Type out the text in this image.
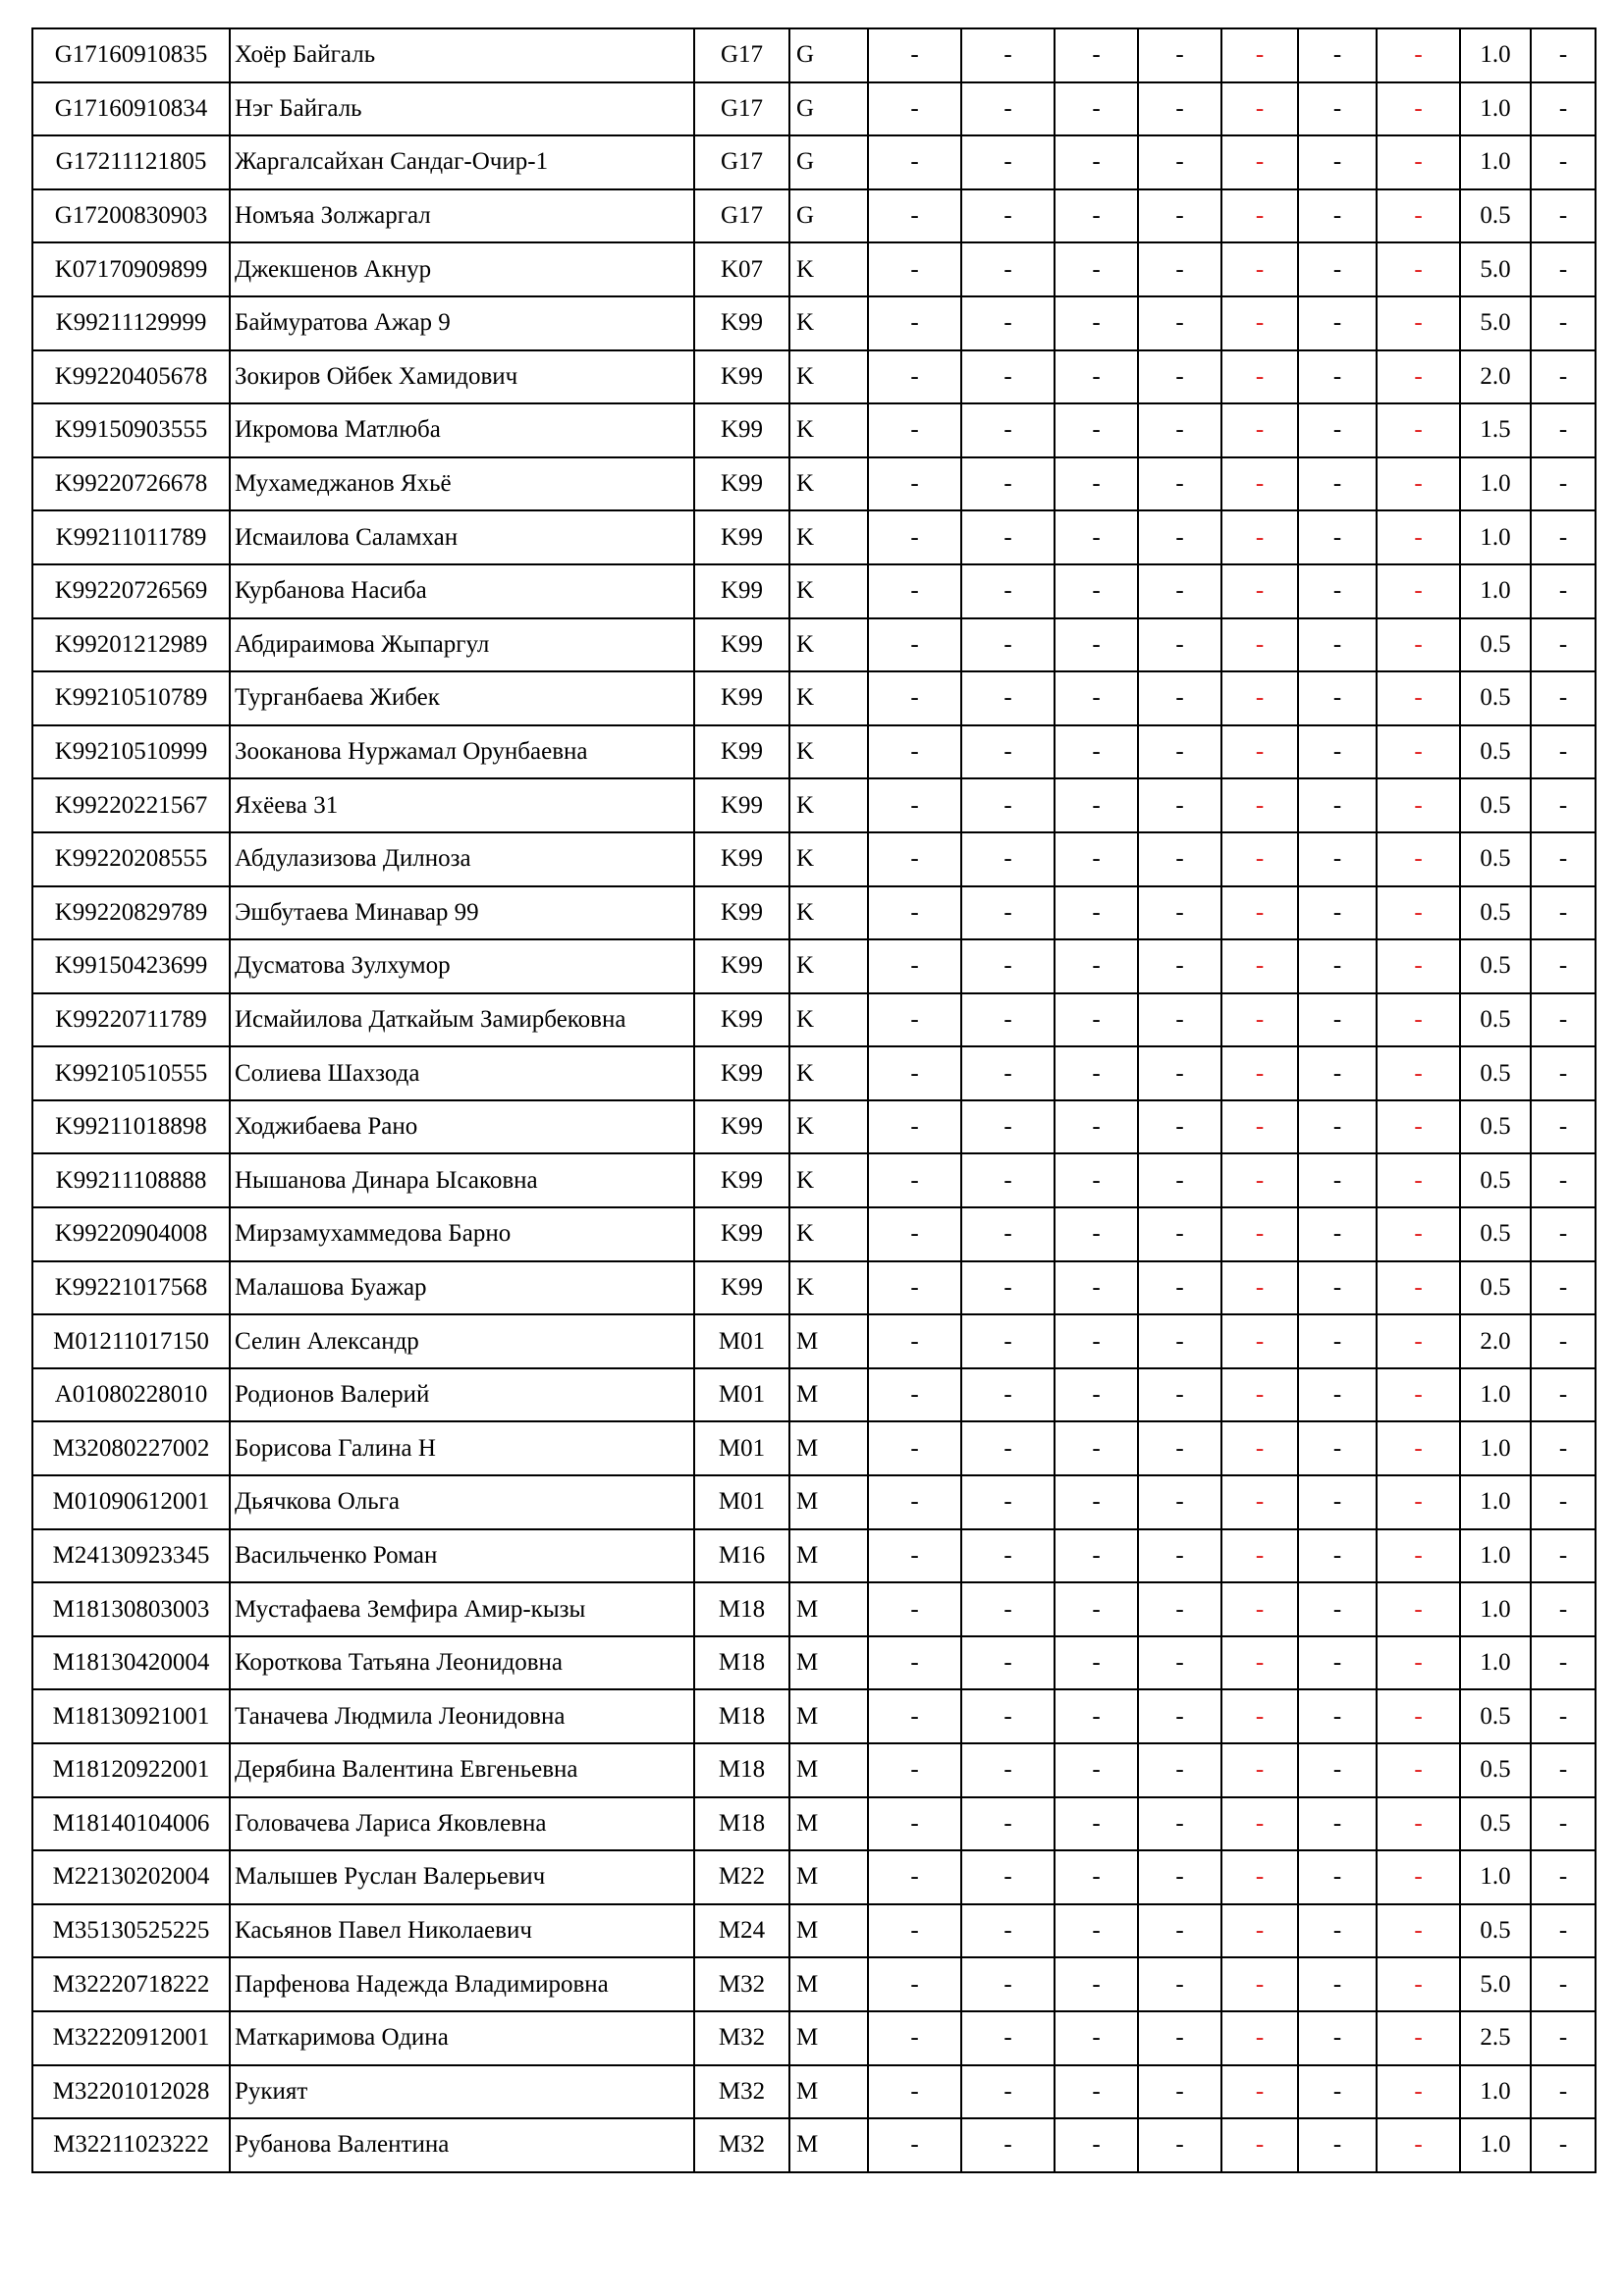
G17160910835	Хоёр Байгаль	G17	G	-	-	-	-	-	-	-	1.0	-
G17160910834	Нэг Байгаль	G17	G	-	-	-	-	-	-	-	1.0	-
G17211121805	Жаргалсайхан Сандаг-Очир-1	G17	G	-	-	-	-	-	-	-	1.0	-
G17200830903	Номъяа Золжаргал	G17	G	-	-	-	-	-	-	-	0.5	-
K07170909899	Джекшенов Акнур	K07	K	-	-	-	-	-	-	-	5.0	-
K99211129999	Баймуратова Ажар 9	K99	K	-	-	-	-	-	-	-	5.0	-
K99220405678	Зокиров Ойбек Хамидович	K99	K	-	-	-	-	-	-	-	2.0	-
K99150903555	Икромова Матлюба	K99	K	-	-	-	-	-	-	-	1.5	-
K99220726678	Мухамеджанов Яхьё	K99	K	-	-	-	-	-	-	-	1.0	-
K99211011789	Исмаилова Саламхан	K99	K	-	-	-	-	-	-	-	1.0	-
K99220726569	Курбанова Насиба	K99	K	-	-	-	-	-	-	-	1.0	-
K99201212989	Абдираимова Жыпаргул	K99	K	-	-	-	-	-	-	-	0.5	-
K99210510789	Турганбаева Жибек	K99	K	-	-	-	-	-	-	-	0.5	-
K99210510999	Зооканова Нуржамал Орунбаевна	K99	K	-	-	-	-	-	-	-	0.5	-
K99220221567	Яхёева 31	K99	K	-	-	-	-	-	-	-	0.5	-
K99220208555	Абдулазизова Дилноза	K99	K	-	-	-	-	-	-	-	0.5	-
K99220829789	Эшбутаева Минавар 99	K99	K	-	-	-	-	-	-	-	0.5	-
K99150423699	Дусматова Зулхумор	K99	K	-	-	-	-	-	-	-	0.5	-
K99220711789	Исмайилова Даткайым Замирбековна	K99	K	-	-	-	-	-	-	-	0.5	-
K99210510555	Солиева Шахзода	K99	K	-	-	-	-	-	-	-	0.5	-
K99211018898	Ходжибаева Рано	K99	K	-	-	-	-	-	-	-	0.5	-
K99211108888	Нышанова Динара Ысаковна	K99	K	-	-	-	-	-	-	-	0.5	-
K99220904008	Мирзамухаммедова Барно	K99	K	-	-	-	-	-	-	-	0.5	-
K99221017568	Малашова Буажар	K99	K	-	-	-	-	-	-	-	0.5	-
M01211017150	Селин Александр	M01	M	-	-	-	-	-	-	-	2.0	-
A01080228010	Родионов Валерий	M01	M	-	-	-	-	-	-	-	1.0	-
M32080227002	Борисова Галина Н	M01	M	-	-	-	-	-	-	-	1.0	-
M01090612001	Дьячкова Ольга	M01	M	-	-	-	-	-	-	-	1.0	-
M24130923345	Васильченко Роман	M16	M	-	-	-	-	-	-	-	1.0	-
M18130803003	Мустафаева Земфира Амир-кызы	M18	M	-	-	-	-	-	-	-	1.0	-
M18130420004	Короткова Татьяна Леонидовна	M18	M	-	-	-	-	-	-	-	1.0	-
M18130921001	Таначева Людмила Леонидовна	M18	M	-	-	-	-	-	-	-	0.5	-
M18120922001	Дерябина Валентина Евгеньевна	M18	M	-	-	-	-	-	-	-	0.5	-
M18140104006	Головачева Лариса Яковлевна	M18	M	-	-	-	-	-	-	-	0.5	-
M22130202004	Малышев Руслан Валерьевич	M22	M	-	-	-	-	-	-	-	1.0	-
M35130525225	Касьянов Павел Николаевич	M24	M	-	-	-	-	-	-	-	0.5	-
M32220718222	Парфенова Надежда Владимировна	M32	M	-	-	-	-	-	-	-	5.0	-
M32220912001	Маткаримова Одина	M32	M	-	-	-	-	-	-	-	2.5	-
M32201012028	Рукият	M32	M	-	-	-	-	-	-	-	1.0	-
M32211023222	Рубанова Валентина	M32	M	-	-	-	-	-	-	-	1.0	-
